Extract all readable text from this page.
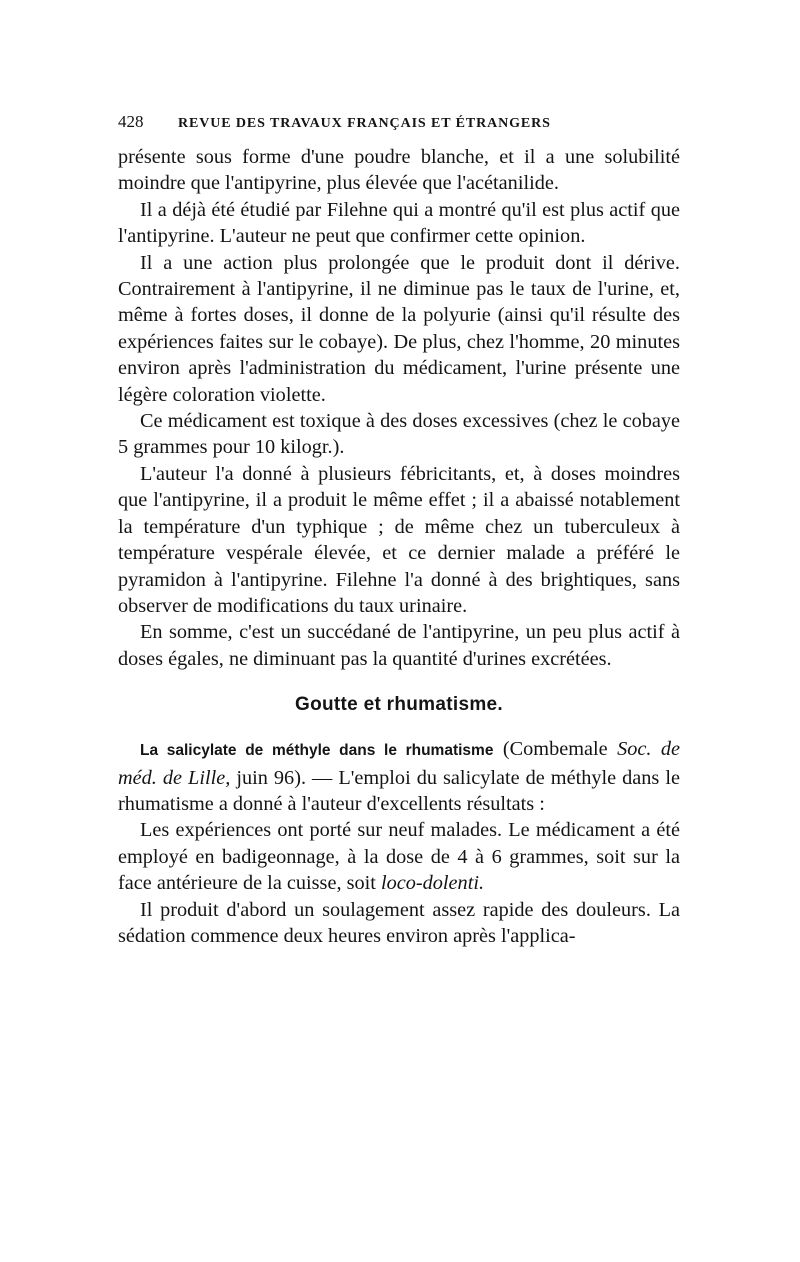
428	REVUE DES TRAVAUX FRANÇAIS ET ÉTRANGERS

présente sous forme d'une poudre blanche, et il a une solubilité moindre que l'antipyrine, plus élevée que l'acétanilide.

Il a déjà été étudié par Filehne qui a montré qu'il est plus actif que l'antipyrine. L'auteur ne peut que confirmer cette opinion.

Il a une action plus prolongée que le produit dont il dérive. Contrairement à l'antipyrine, il ne diminue pas le taux de l'urine, et, même à fortes doses, il donne de la polyurie (ainsi qu'il résulte des expériences faites sur le cobaye). De plus, chez l'homme, 20 minutes environ après l'administration du médicament, l'urine présente une légère coloration violette.

Ce médicament est toxique à des doses excessives (chez le cobaye 5 grammes pour 10 kilogr.).

L'auteur l'a donné à plusieurs fébricitants, et, à doses moindres que l'antipyrine, il a produit le même effet ; il a abaissé notablement la température d'un typhique ; de même chez un tuberculeux à température vespérale élevée, et ce dernier malade a préféré le pyramidon à l'antipyrine. Filehne l'a donné à des brightiques, sans observer de modifications du taux urinaire.

En somme, c'est un succédané de l'antipyrine, un peu plus actif à doses égales, ne diminuant pas la quantité d'urines excrétées.

Goutte et rhumatisme.

La salicylate de méthyle dans le rhumatisme (Combemale Soc. de méd. de Lille, juin 96). — L'emploi du salicylate de méthyle dans le rhumatisme a donné à l'auteur d'excellents résultats :

Les expériences ont porté sur neuf malades. Le médicament a été employé en badigeonnage, à la dose de 4 à 6 grammes, soit sur la face antérieure de la cuisse, soit loco-dolenti.

Il produit d'abord un soulagement assez rapide des douleurs. La sédation commence deux heures environ après l'applica-
